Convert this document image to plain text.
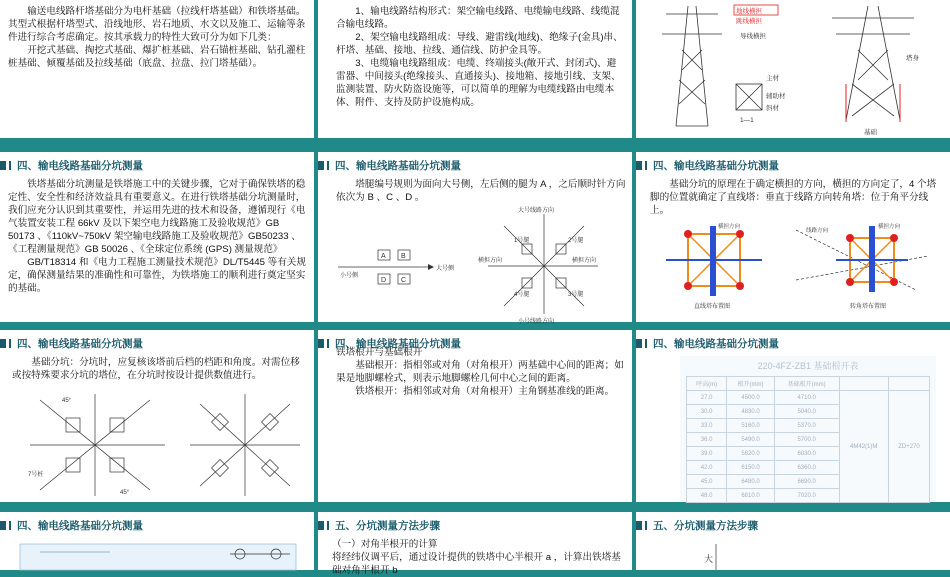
输送电线路杆塔基础分为电杆基础（拉线杆塔基础）和铁塔基础。其型式根据杆塔型式、沿线地形、岩石地质、水文以及施工、运输等条件进行综合考虑确定。按其承载力的特性大致可分为如下几类：

开挖式基础、掏挖式基础、爆扩桩基础、岩石锚桩基础、钻孔灌柱桩基础、倾覆基础及拉线基础（底盘、拉盘、拉门塔基础）。

1、输电线路结构形式：架空输电线路、电缆输电线路、线缆混合输电线路。

2、架空输电线路组成：导线、避雷线(地线)、绝缘子(金具)串、杆塔、基础、接地、拉线、通信线、防护金具等。

3、电缆输电线路组成：电缆、终端接头(敞开式、封闭式)、避雷器、中间接头(绝缘接头、直通接头)、接地箱、接地引线、支架、监测装置、防火防盗设施等，可以简单的理解为电缆线路由电缆本体、附件、支持及防护设施构成。

地线横担
跳线横担
导线横担
主材
辅助材
斜材
1—1
塔身
基础
四、输电线路基础分坑测量

铁塔基础分坑测量是铁塔施工中的关键步骤，它对于确保铁塔的稳定性、安全性和经济效益具有重要意义。在进行铁塔基础分坑测量时，我们应充分认识到其重要性，并运用先进的技术和设备，遵循现行《电气装置安装工程 66kV 及以下架空电力线路施工及验收规范》GB 50173 、《110kV~750kV 架空输电线路施工及验收规范》GB50233 、《工程测量规范》GB 50026 、《全球定位系统 (GPS) 测量规范》

GB/T18314 和《电力工程施工测量技术规范》DL/T5445 等有关规定，确保测量结果的准确性和可靠性，为铁塔施工的顺利进行奠定坚实的基础。

四、输电线路基础分坑测量

塔腿编号规则为面向大号侧，左后侧的腿为 A ，之后顺时针方向依次为 B 、C 、D 。

大号线路方向
小号线路方向
横担方向	横担方向
小号侧
大号侧
1号腿	2号腿
3号腿
4号腿
A B
C
D
四、输电线路基础分坑测量

基础分坑的原理在于确定横担的方向，横担的方向定了，4 个塔脚的位置就确定了直线塔：垂直于线路方向转角塔：位于角平分线上。

横担方向
直线塔布置图
线路方向
横担方向
转角塔布置图
四、输电线路基础分坑测量

基础分坑：分坑时，应复核该塔前后档的档距和角度。对需位移或按特殊要求分坑的塔位，在分坑时按设计提供数值进行。

45°
45°
7号桩
四、输电线路基础分坑测量

铁塔根开与基础根开

基础根开：指相邻或对角（对角根开）两基础中心间的距离；如果是地脚螺栓式，则表示地脚螺栓几何中心之间的距离。

铁塔根开：指相邻或对角（对角根开）主角钢基准线的距离。

四、输电线路基础分坑测量
220-4FZ-ZB1 基础根开表
呼高(m)	根开(mm)	基础根开(mm)		
27.0	4500.0	4710.0	4M42(1)M	ZD+270
30.0	4830.0	5040.0		
33.0	5160.0	5370.0		
36.0	5490.0	5700.0		
39.0	5820.0	6030.0		
42.0	6150.0	6360.0		
45.0	6480.0	6690.0		
48.0	6810.0	7020.0		
四、输电线路基础分坑测量	五、分坑测量方法步骤

（一）对角半根开的计算

将经纬仪调平后，通过设计提供的铁塔中心半根开 a ，计算出铁塔基础对角半根开 b

五、分坑测量方法步骤
大
